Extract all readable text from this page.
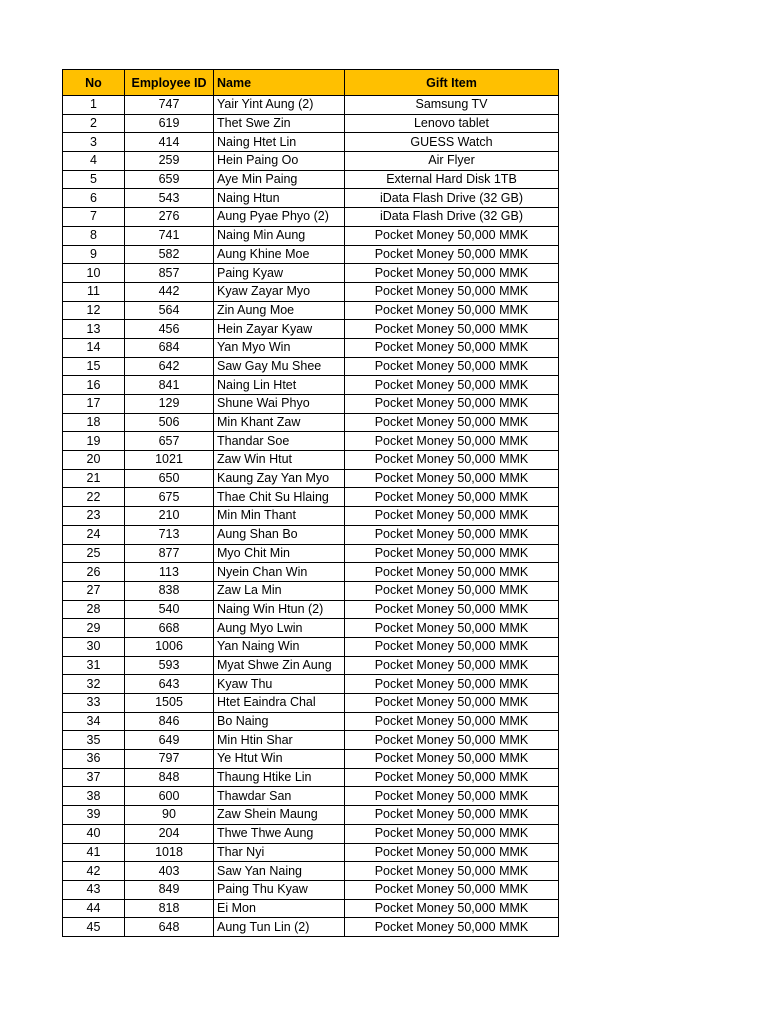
No	Employee ID	Name	Gift Item
1	747	Yair Yint Aung (2)	Samsung TV
2	619	Thet Swe Zin	Lenovo tablet
3	414	Naing Htet Lin	GUESS Watch
4	259	Hein Paing Oo	Air Flyer
5	659	Aye Min Paing	External Hard Disk 1TB
6	543	Naing Htun	iData Flash Drive (32 GB)
7	276	Aung Pyae Phyo (2)	iData Flash Drive (32 GB)
8	741	Naing Min Aung	Pocket Money 50,000 MMK
9	582	Aung Khine Moe	Pocket Money 50,000 MMK
10	857	Paing Kyaw	Pocket Money 50,000 MMK
11	442	Kyaw Zayar Myo	Pocket Money 50,000 MMK
12	564	Zin Aung Moe	Pocket Money 50,000 MMK
13	456	Hein Zayar Kyaw	Pocket Money 50,000 MMK
14	684	Yan Myo Win	Pocket Money 50,000 MMK
15	642	Saw Gay Mu Shee	Pocket Money 50,000 MMK
16	841	Naing Lin Htet	Pocket Money 50,000 MMK
17	129	Shune Wai Phyo	Pocket Money 50,000 MMK
18	506	Min Khant Zaw	Pocket Money 50,000 MMK
19	657	Thandar Soe	Pocket Money 50,000 MMK
20	1021	Zaw Win Htut	Pocket Money 50,000 MMK
21	650	Kaung Zay Yan Myo	Pocket Money 50,000 MMK
22	675	Thae Chit Su Hlaing	Pocket Money 50,000 MMK
23	210	Min Min Thant	Pocket Money 50,000 MMK
24	713	Aung Shan Bo	Pocket Money 50,000 MMK
25	877	Myo Chit Min	Pocket Money 50,000 MMK
26	113	Nyein Chan Win	Pocket Money 50,000 MMK
27	838	Zaw La Min	Pocket Money 50,000 MMK
28	540	Naing Win Htun (2)	Pocket Money 50,000 MMK
29	668	Aung Myo Lwin	Pocket Money 50,000 MMK
30	1006	Yan Naing Win	Pocket Money 50,000 MMK
31	593	Myat Shwe Zin Aung	Pocket Money 50,000 MMK
32	643	Kyaw Thu	Pocket Money 50,000 MMK
33	1505	Htet Eaindra Chal	Pocket Money 50,000 MMK
34	846	Bo Naing	Pocket Money 50,000 MMK
35	649	Min Htin Shar	Pocket Money 50,000 MMK
36	797	Ye Htut Win	Pocket Money 50,000 MMK
37	848	Thaung Htike Lin	Pocket Money 50,000 MMK
38	600	Thawdar San	Pocket Money 50,000 MMK
39	90	Zaw Shein Maung	Pocket Money 50,000 MMK
40	204	Thwe Thwe Aung	Pocket Money 50,000 MMK
41	1018	Thar Nyi	Pocket Money 50,000 MMK
42	403	Saw Yan Naing	Pocket Money 50,000 MMK
43	849	Paing Thu Kyaw	Pocket Money 50,000 MMK
44	818	Ei Mon	Pocket Money 50,000 MMK
45	648	Aung Tun Lin (2)	Pocket Money 50,000 MMK
